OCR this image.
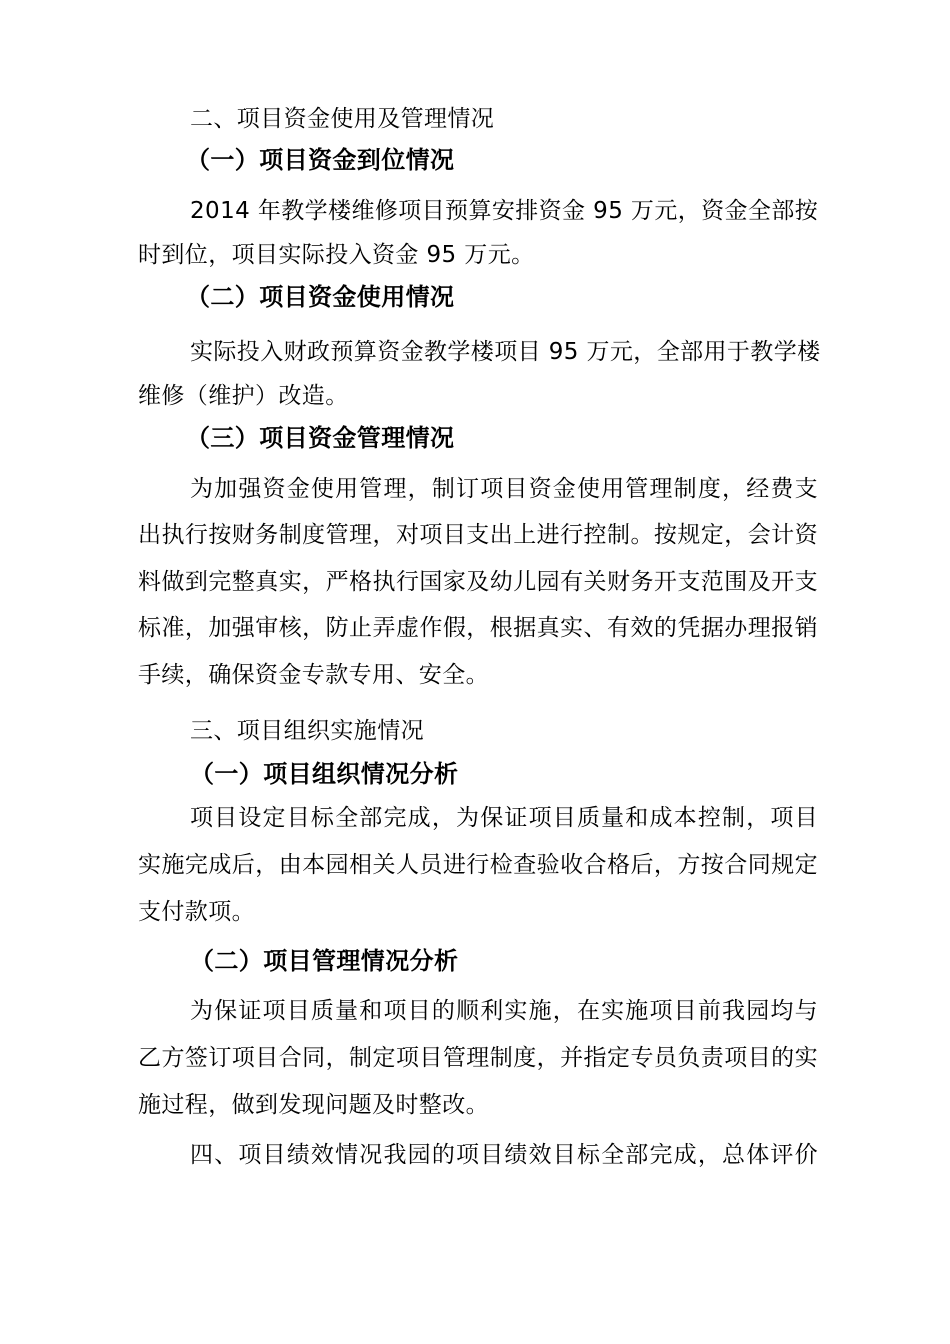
二、项目资金使用及管理情况
（一）项目资金到位情况
2014 年教学楼维修项目预算安排资金 95 万元，资金全部按
时到位，项目实际投入资金 95 万元。
（二）项目资金使用情况
实际投入财政预算资金教学楼项目 95 万元，全部用于教学楼
维修（维护）改造。
（三）项目资金管理情况
为加强资金使用管理，制订项目资金使用管理制度，经费支
出执行按财务制度管理，对项目支出上进行控制。按规定，会计资
料做到完整真实，严格执行国家及幼儿园有关财务开支范围及开支
标准，加强审核，防止弄虚作假，根据真实、有效的凭据办理报销
手续，确保资金专款专用、安全。
三、项目组织实施情况
（一）项目组织情况分析
项目设定目标全部完成，为保证项目质量和成本控制，项目
实施完成后，由本园相关人员进行检查验收合格后，方按合同规定
支付款项。
（二）项目管理情况分析
为保证项目质量和项目的顺利实施，在实施项目前我园均与
乙方签订项目合同，制定项目管理制度，并指定专员负责项目的实
施过程，做到发现问题及时整改。
四、项目绩效情况我园的项目绩效目标全部完成，总体评价
